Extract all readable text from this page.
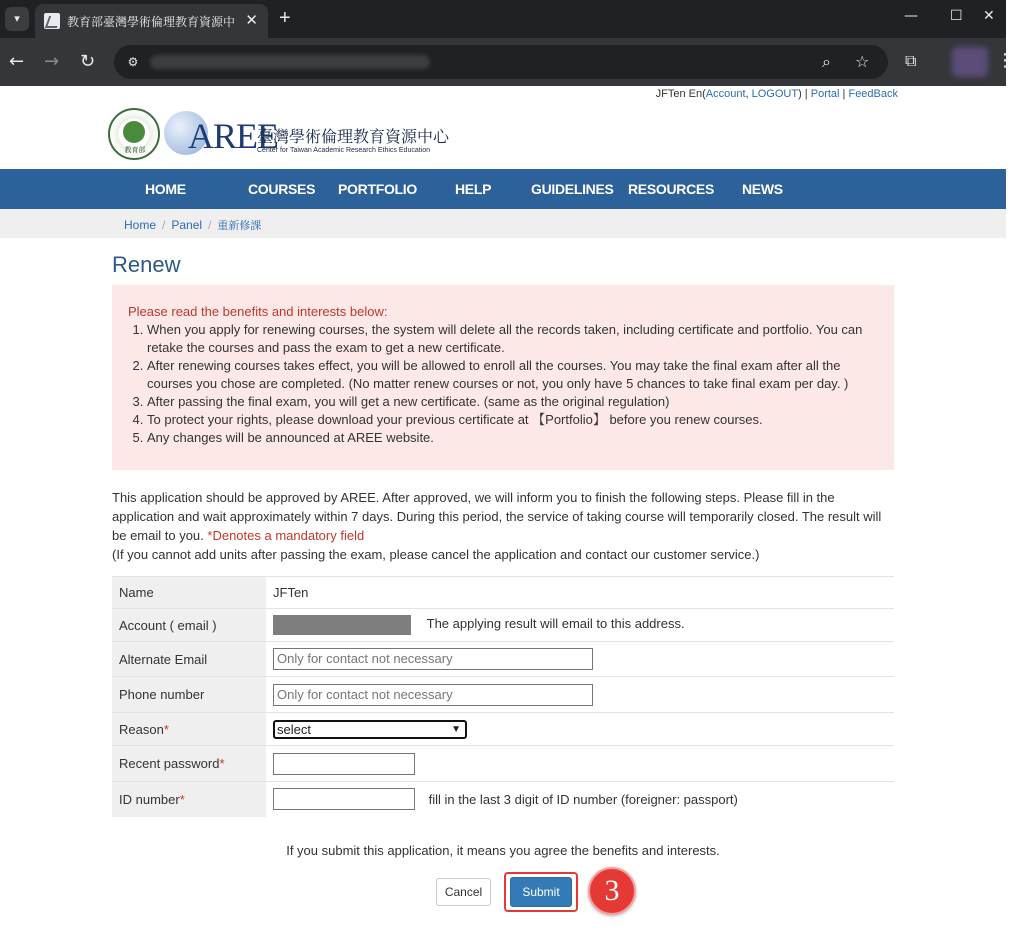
▾	教育部臺灣學術倫理教育資源中 ✕ +	— ☐ ✕
← → ↻	⚙	⌕ ☆ ⧉	⋮
JFTen En(Account, LOGOUT) | Portal | FeedBack
教育部 AREE
臺灣學術倫理教育資源中心
Center for Taiwan Academic Research Ethics Education
HOME	COURSES PORTFOLIO	HELP	GUIDELINES RESOURCES NEWS
Home / Panel / 重新修課
Renew
Please read the benefits and interests below:
1. When you apply for renewing courses, the system will delete all the records taken, including certificate and portfolio. You can retake the courses and pass the exam to get a new certificate.
2. After renewing courses takes effect, you will be allowed to enroll all the courses. You may take the final exam after all the courses you chose are completed. (No matter renew courses or not, you only have 5 chances to take final exam per day. )
3. After passing the final exam, you will get a new certificate. (same as the original regulation)
4. To protect your rights, please download your previous certificate at 【Portfolio】 before you renew courses.
5. Any changes will be announced at AREE website.
This application should be approved by AREE. After approved, we will inform you to finish the following steps. Please fill in the application and wait approximately within 7 days. During this period, the service of taking course will temporarily closed. The result will be email to you. *Denotes a mandatory field
(If you cannot add units after passing the exam, please cancel the application and contact our customer service.)
Name	JFTen
Account ( email )	The applying result will email to this address.
Alternate Email	Only for contact not necessary

Phone number	Only for contact not necessary

Reason*	select ▼

Recent password*	

ID number*	fill in the last 3 digit of ID number (foreigner: passport)
If you submit this application, it means you agree the benefits and interests.
Cancel	Submit	3
